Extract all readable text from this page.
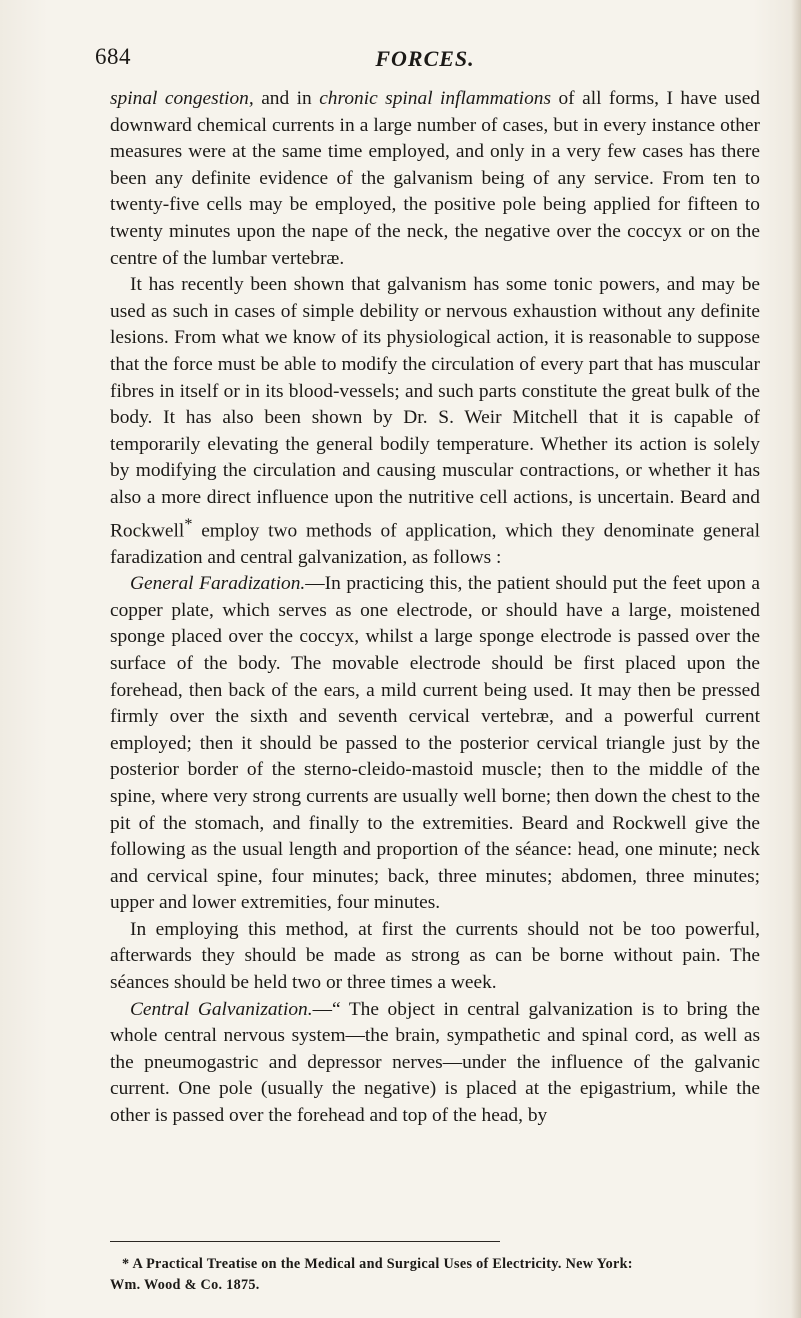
684	FORCES.

spinal congestion, and in chronic spinal inflammations of all forms, I have used downward chemical currents in a large number of cases, but in every instance other measures were at the same time employed, and only in a very few cases has there been any definite evidence of the galvanism being of any service. From ten to twenty-five cells may be employed, the positive pole being applied for fifteen to twenty minutes upon the nape of the neck, the negative over the coccyx or on the centre of the lumbar vertebræ.

It has recently been shown that galvanism has some tonic powers, and may be used as such in cases of simple debility or nervous exhaustion without any definite lesions. From what we know of its physiological action, it is reasonable to suppose that the force must be able to modify the circulation of every part that has muscular fibres in itself or in its blood-vessels; and such parts constitute the great bulk of the body. It has also been shown by Dr. S. Weir Mitchell that it is capable of temporarily elevating the general bodily temperature. Whether its action is solely by modifying the circulation and causing muscular contractions, or whether it has also a more direct influence upon the nutritive cell actions, is uncertain. Beard and Rockwell* employ two methods of application, which they denominate general faradization and central galvanization, as follows :

General Faradization.—In practicing this, the patient should put the feet upon a copper plate, which serves as one electrode, or should have a large, moistened sponge placed over the coccyx, whilst a large sponge electrode is passed over the surface of the body. The movable electrode should be first placed upon the forehead, then back of the ears, a mild current being used. It may then be pressed firmly over the sixth and seventh cervical vertebræ, and a powerful current employed; then it should be passed to the posterior cervical triangle just by the posterior border of the sterno-cleido-mastoid muscle; then to the middle of the spine, where very strong currents are usually well borne; then down the chest to the pit of the stomach, and finally to the extremities. Beard and Rockwell give the following as the usual length and proportion of the séance: head, one minute; neck and cervical spine, four minutes; back, three minutes; abdomen, three minutes; upper and lower extremities, four minutes.

In employing this method, at first the currents should not be too powerful, afterwards they should be made as strong as can be borne without pain. The séances should be held two or three times a week.

Central Galvanization.—“ The object in central galvanization is to bring the whole central nervous system—the brain, sympathetic and spinal cord, as well as the pneumogastric and depressor nerves—under the influence of the galvanic current. One pole (usually the negative) is placed at the epigastrium, while the other is passed over the forehead and top of the head, by

* A Practical Treatise on the Medical and Surgical Uses of Electricity. New York:

Wm. Wood & Co. 1875.
